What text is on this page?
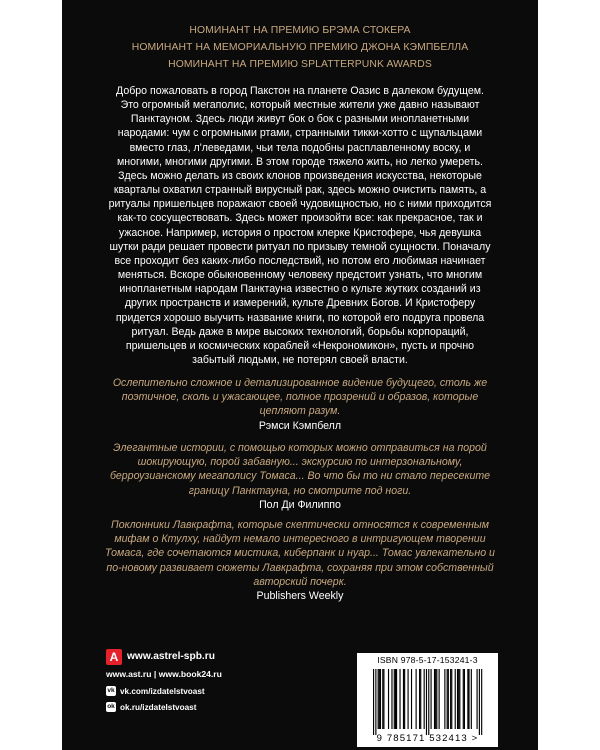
НОМИНАНТ НА ПРЕМИЮ БРЭМА СТОКЕРА
НОМИНАНТ НА МЕМОРИАЛЬНУЮ ПРЕМИЮ ДЖОНА КЭМПБЕЛЛА
НОМИНАНТ НА ПРЕМИЮ SPLATTERPUNK AWARDS

Добро пожаловать в город Пакстон на планете Оазис в далеком будущем. Это огромный мегаполис, который местные жители уже давно называют Панктауном. Здесь люди живут бок о бок с разными инопланетными народами: чум с огромными ртами, странными тикки-хотто с щупальцами вместо глаз, л'леведами, чьи тела подобны расплавленному воску, и многими, многими другими. В этом городе тяжело жить, но легко умереть. Здесь можно делать из своих клонов произведения искусства, некоторые кварталы охватил странный вирусный рак, здесь можно очистить память, а ритуалы пришельцев поражают своей чудовищностью, но с ними приходится как-то сосуществовать. Здесь может произойти все: как прекрасное, так и ужасное. Например, история о простом клерке Кристофере, чья девушка шутки ради решает провести ритуал по призыву темной сущности. Поначалу все проходит без каких-либо последствий, но потом его любимая начинает меняться. Вскоре обыкновенному человеку предстоит узнать, что многим инопланетным народам Панктауна известно о культе жутких созданий из других пространств и измерений, культе Древних Богов. И Кристоферу придется хорошо выучить название книги, по которой его подруга провела ритуал. Ведь даже в мире высоких технологий, борьбы корпораций, пришельцев и космических кораблей «Некрономикон», пусть и прочно забытый людьми, не потерял своей власти.

Ослепительно сложное и детализированное видение будущего, столь же поэтичное, сколь и ужасающее, полное прозрений и образов, которые цепляют разум.

Рэмси Кэмпбелл

Элегантные истории, с помощью которых можно отправиться на порой шокирующую, порой забавную... экскурсию по интерзональному, берроузианскому мегаполису Томаса... Во что бы то ни стало пересеките границу Панктауна, но смотрите под ноги.

Пол Ди Филиппо

Поклонники Лавкрафта, которые скептически относятся к современным мифам о Ктулху, найдут немало интересного в интригующем творении Томаса, где сочетаются мистика, киберпанк и нуар... Томас увлекательно и по-новому развивает сюжеты Лавкрафта, сохраняя при этом собственный авторский почерк.

Publishers Weekly

А www.astrel-spb.ru
www.ast.ru | www.book24.ru
vk vk.com/izdatelstvoast
ok ok.ru/izdatelstvoast
ISBN 978-5-17-153241-3
9 785171 532413 >
